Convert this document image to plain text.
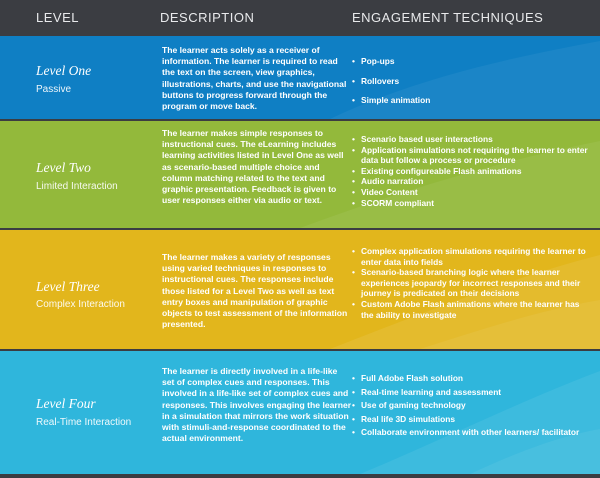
LEVEL	DESCRIPTION	ENGAGEMENT TECHNIQUES
Level One
Passive
The learner acts solely as a receiver of information. The learner is required to read the text on the screen, view graphics, illustrations, charts, and use the navigational buttons to progress forward through the program or move back.
• Pop-ups
• Rollovers
• Simple animation
Level Two
Limited Interaction
The learner makes simple responses to instructional cues. The eLearning includes learning activities listed in Level One as well as scenario-based multiple choice and column matching related to the text and graphic presentation. Feedback is given to user responses either via audio or text.
• Scenario based user interactions
• Application simulations not requiring the learner to enter data but follow a process or procedure
• Existing configureable Flash animations
• Audio narration
• Video Content
• SCORM compliant
Level Three
Complex Interaction
The learner makes a variety of responses using varied techniques in responses to instructional cues. The responses include those listed for a Level Two as well as text entry boxes and manipulation of graphic objects to test assessment of the information presented.
• Complex application simulations requiring the learner to enter data into fields
• Scenario-based branching logic where the learner experiences jeopardy for incorrect responses and their journey is predicated on their decisions
• Custom Adobe Flash animations where the learner has the ability to investigate
Level Four
Real-Time Interaction
The learner is directly involved in a life-like set of complex cues and responses. This involved in a life-like set of complex cues and responses. This involves engaging the learner in a simulation that mirrors the work situation with stimuli-and-response coordinated to the actual environment.
• Full Adobe Flash solution
• Real-time learning and assessment
• Use of gaming technology
• Real life 3D simulations
• Collaborate environment with other learners/ facilitator
